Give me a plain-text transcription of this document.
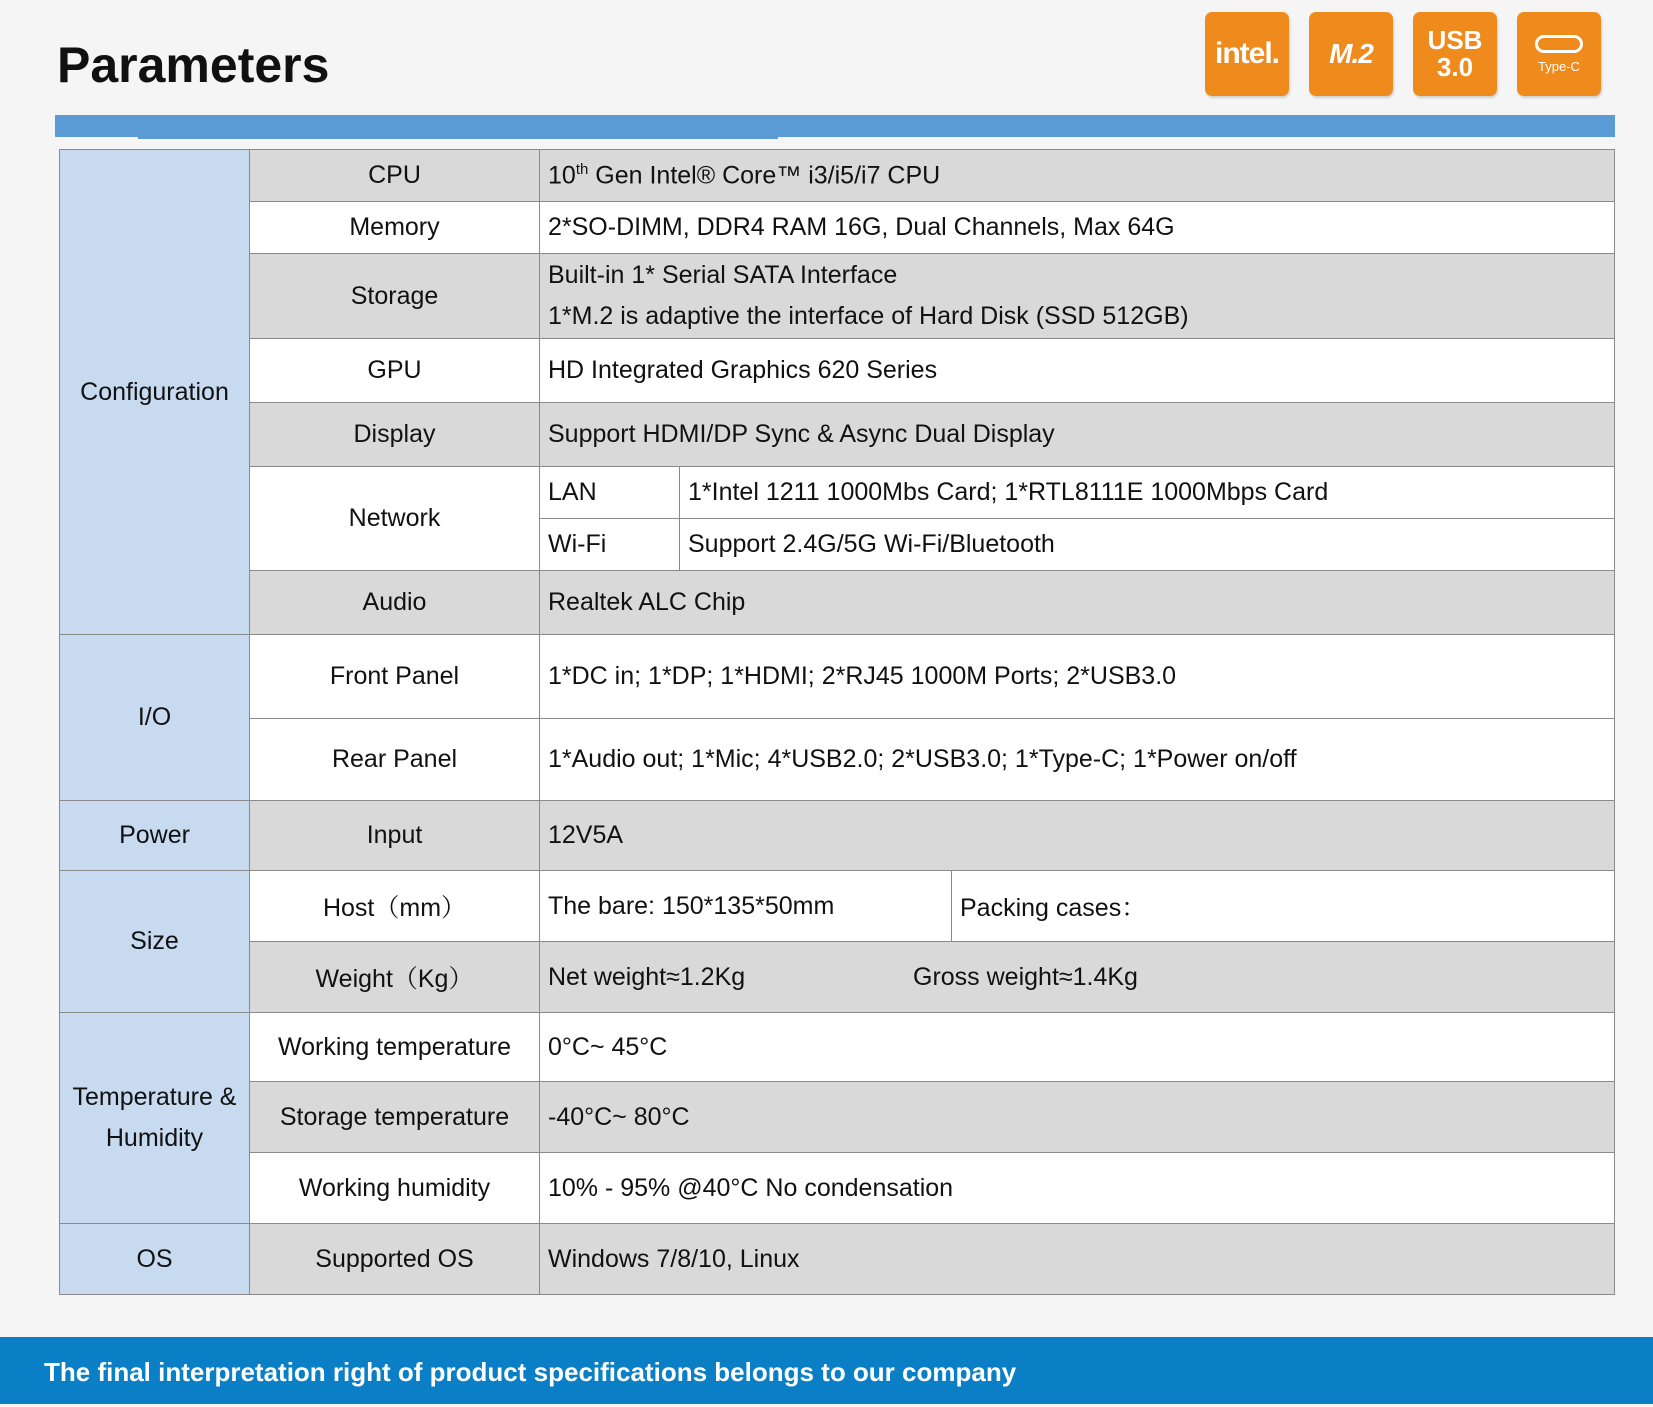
Parameters	intel. M.2 USB
3.0	Type-C
Configuration	CPU	10th Gen Intel® Core™ i3/i5/i7 CPU		
	Memory	2*SO-DIMM, DDR4 RAM 16G, Dual Channels, Max 64G		
	Storage	Built-in 1* Serial SATA Interface
1*M.2 is adaptive the interface of Hard Disk (SSD 512GB)		

	GPU	HD Integrated Graphics 620 Series		
	Display	Support HDMI/DP Sync & Async Dual Display		
	Network	LAN	1*Intel 1211 1000Mbs Card; 1*RTL8111E 1000Mbps Card	
		Wi-Fi	Support 2.4G/5G Wi-Fi/Bluetooth	
	Audio	Realtek ALC Chip		
I/O	Front Panel	1*DC in; 1*DP; 1*HDMI; 2*RJ45 1000M Ports; 2*USB3.0		
	Rear Panel	1*Audio out; 1*Mic; 4*USB2.0; 2*USB3.0; 1*Type-C; 1*Power on/off		
Power	Input	12V5A		
Size	Host（mm）	The bare: 150*135*50mm		Packing cases：
	Weight（Kg）	Net weight≈1.2Kg Gross weight≈1.4Kg		

Temperature &
Humidity	Working temperature	0°C~ 45°C		
	Storage temperature	-40°C~ 80°C		
	Working humidity	10% - 95% @40°C No condensation		
OS	Supported OS	Windows 7/8/10, Linux		
The final interpretation right of product specifications belongs to our company
